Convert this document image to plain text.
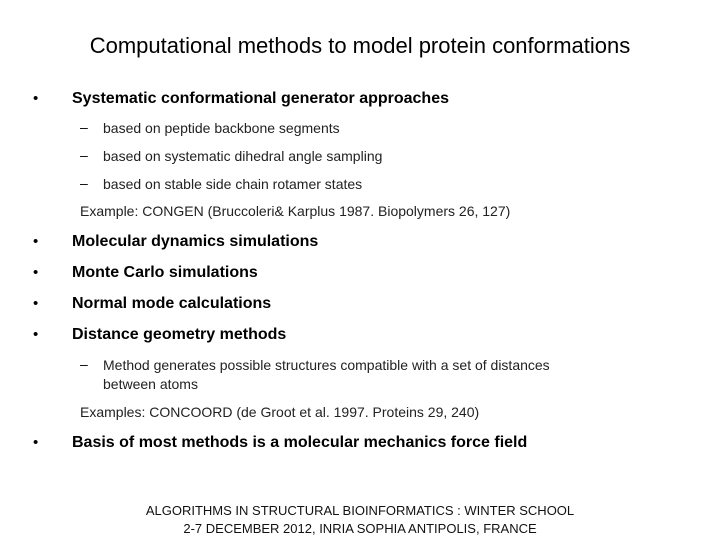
Computational methods to model protein conformations
• Systematic conformational generator approaches
– based on peptide backbone segments
– based on systematic dihedral angle sampling
– based on stable side chain rotamer states
Example: CONGEN (Bruccoleri& Karplus 1987. Biopolymers 26, 127)
• Molecular dynamics simulations
• Monte Carlo simulations
• Normal mode calculations
• Distance geometry methods
– Method generates possible structures compatible with a set of distances
between atoms
Examples: CONCOORD (de Groot et al. 1997. Proteins 29, 240)
• Basis of most methods is a molecular mechanics force field
ALGORITHMS IN STRUCTURAL BIOINFORMATICS : WINTER SCHOOL
2-7 DECEMBER 2012, INRIA SOPHIA ANTIPOLIS, FRANCE
